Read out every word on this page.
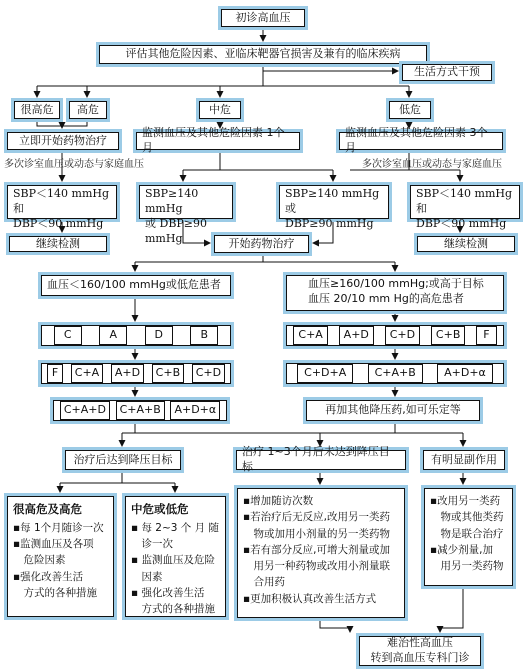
初诊高血压
评估其他危险因素、亚临床靶器官损害及兼有的临床疾病
生活方式干预
很高危 高危	中危	低危
立即开始药物治疗
监测血压及其他危险因素 1个月
监测血压及其他危险因素 3个月
多次诊室血压或动态与家庭血压	多次诊室血压或动态与家庭血压
SBP＜140 mmHg和
DBP＜90 mmHg
SBP≥140　mmHg
或 DBP≥90 mmHg
SBP≥140 mmHg或
DBP≥90 mmHg
SBP＜140 mmHg和
DBP＜90 mmHg
继续检测	开始药物治疗	继续检测
血压＜160/100 mmHg或低危患者	血压≥160/100 mmHg;或高于目标
血压 20/10 mm Hg的高危患者
C	A	D	B
F	C+A	A+D	C+B	C+D
C+A+D	C+A+B	A+D+α
C+A	A+D	C+D	C+B	F
C+D+A	C+A+B	A+D+α
再加其他降压药,如可乐定等
治疗后达到降压目标
治疗 1~3个月后未达到降压目标
有明显副作用
很高危及高危
▪每 1个月随诊一次
▪监测血压及各项
　危险因素
▪强化改善生活
　方式的各种措施
中危或低危
▪ 每 2~3 个 月 随
　诊一次
▪ 监测血压及危险
　因素
▪ 强化改善生活
　方式的各种措施
▪增加随访次数
▪若治疗后无反应,改用另一类药
　物或加用小剂量的另一类药物
▪若有部分反应,可增大剂量或加
　用另一种药物或改用小剂量联
　合用药
▪更加积极认真改善生活方式
▪改用另一类药
　物或其他类药
　物是联合治疗
▪减少剂量,加
　用另一类药物
难治性高血压
转到高血压专科门诊
